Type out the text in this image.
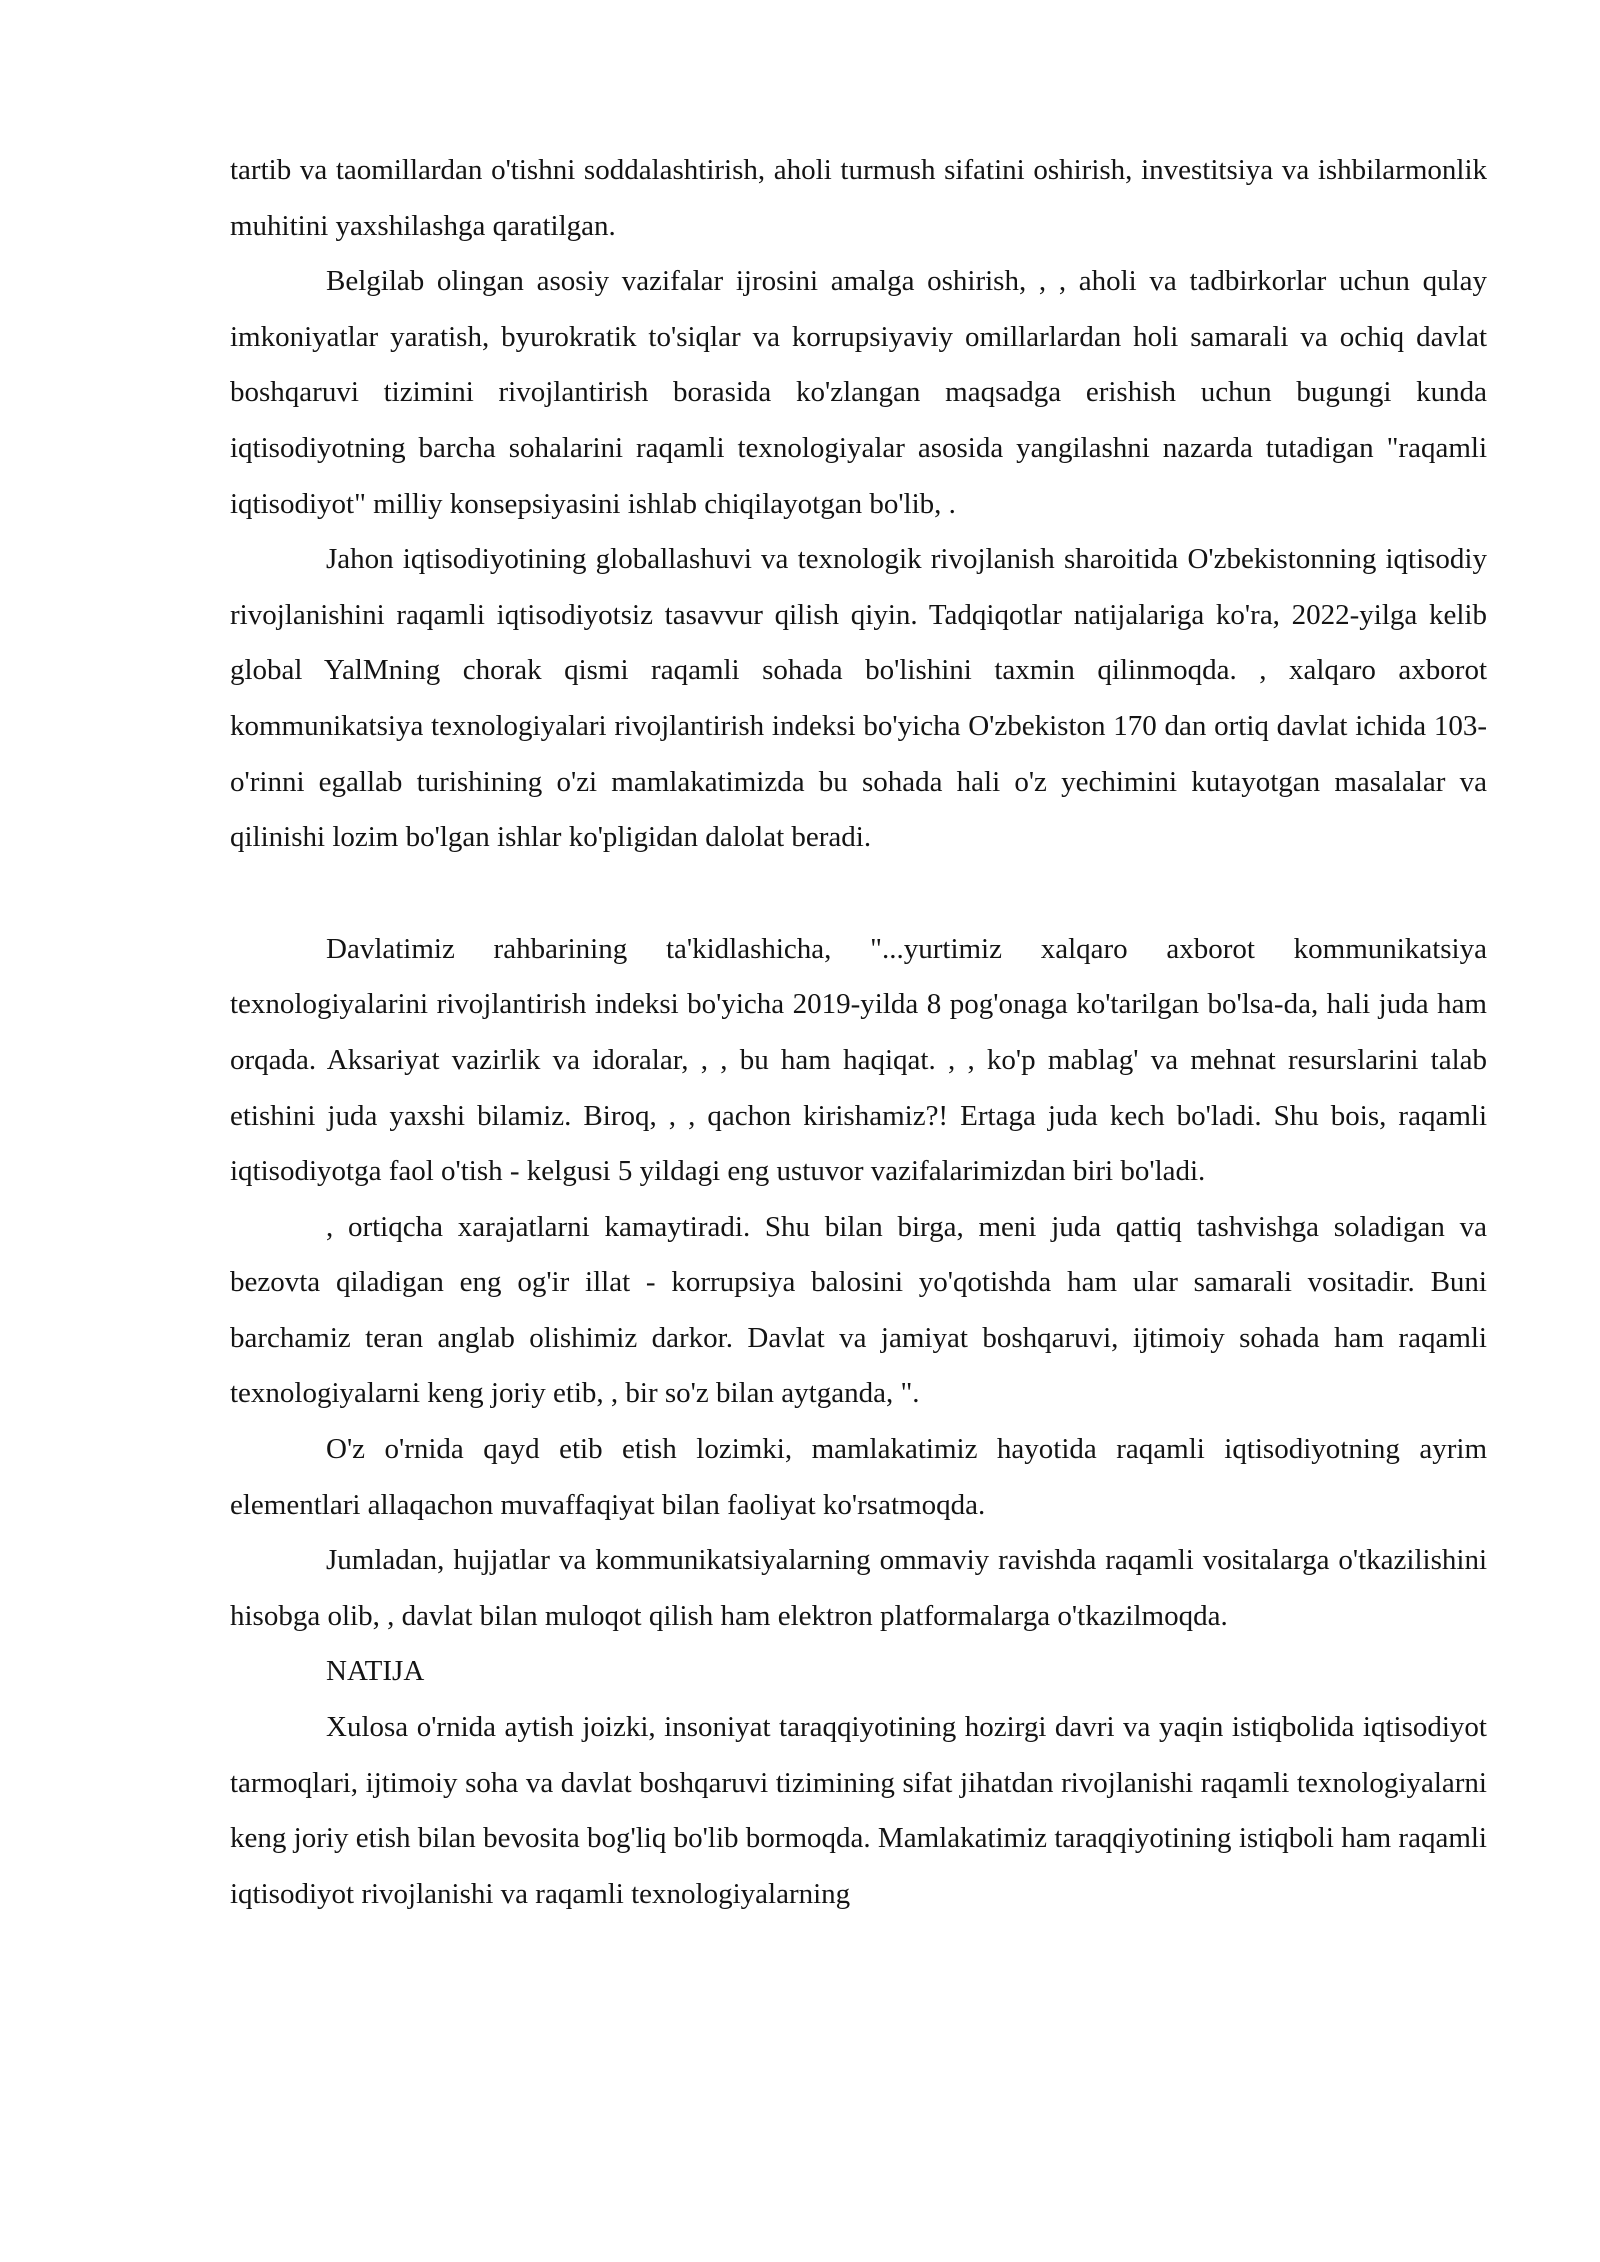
tartib va taomillardan o'tishni soddalashtirish, aholi turmush sifatini oshirish, investitsiya va ishbilarmonlik muhitini yaxshilashga qaratilgan.

Belgilab olingan asosiy vazifalar ijrosini amalga oshirish, , , aholi va tadbirkorlar uchun qulay imkoniyatlar yaratish, byurokratik to'siqlar va korrupsiyaviy omillarlardan holi samarali va ochiq davlat boshqaruvi tizimini rivojlantirish borasida ko'zlangan maqsadga erishish uchun bugungi kunda iqtisodiyotning barcha sohalarini raqamli texnologiyalar asosida yangilashni nazarda tutadigan "raqamli iqtisodiyot" milliy konsepsiyasini ishlab chiqilayotgan bo'lib, .

Jahon iqtisodiyotining globallashuvi va texnologik rivojlanish sharoitida O'zbekistonning iqtisodiy rivojlanishini raqamli iqtisodiyotsiz tasavvur qilish qiyin. Tadqiqotlar natijalariga ko'ra, 2022-yilga kelib global YalMning chorak qismi raqamli sohada bo'lishini taxmin qilinmoqda. , xalqaro axborot kommunikatsiya texnologiyalari rivojlantirish indeksi bo'yicha O'zbekiston 170 dan ortiq davlat ichida 103-o'rinni egallab turishining o'zi mamlakatimizda bu sohada hali o'z yechimini kutayotgan masalalar va qilinishi lozim bo'lgan ishlar ko'pligidan dalolat beradi.

Davlatimiz rahbarining ta'kidlashicha, "...yurtimiz xalqaro axborot kommunikatsiya texnologiyalarini rivojlantirish indeksi bo'yicha 2019-yilda 8 pog'onaga ko'tarilgan bo'lsa-da, hali juda ham orqada. Aksariyat vazirlik va idoralar, , , bu ham haqiqat. , , ko'p mablag' va mehnat resurslarini talab etishini juda yaxshi bilamiz. Biroq, , , qachon kirishamiz?! Ertaga juda kech bo'ladi. Shu bois, raqamli iqtisodiyotga faol o'tish - kelgusi 5 yildagi eng ustuvor vazifalarimizdan biri bo'ladi.

, ortiqcha xarajatlarni kamaytiradi. Shu bilan birga, meni juda qattiq tashvishga soladigan va bezovta qiladigan eng og'ir illat - korrupsiya balosini yo'qotishda ham ular samarali vositadir. Buni barchamiz teran anglab olishimiz darkor. Davlat va jamiyat boshqaruvi, ijtimoiy sohada ham raqamli texnologiyalarni keng joriy etib, , bir so'z bilan aytganda, ".

O'z o'rnida qayd etib etish lozimki, mamlakatimiz hayotida raqamli iqtisodiyotning ayrim elementlari allaqachon muvaffaqiyat bilan faoliyat ko'rsatmoqda.

Jumladan, hujjatlar va kommunikatsiyalarning ommaviy ravishda raqamli vositalarga o'tkazilishini hisobga olib, , davlat bilan muloqot qilish ham elektron platformalarga o'tkazilmoqda.

NATIJA

Xulosa o'rnida aytish joizki, insoniyat taraqqiyotining hozirgi davri va yaqin istiqbolida iqtisodiyot tarmoqlari, ijtimoiy soha va davlat boshqaruvi tizimining sifat jihatdan rivojlanishi raqamli texnologiyalarni keng joriy etish bilan bevosita bog'liq bo'lib bormoqda. Mamlakatimiz taraqqiyotining istiqboli ham raqamli iqtisodiyot rivojlanishi va raqamli texnologiyalarning
